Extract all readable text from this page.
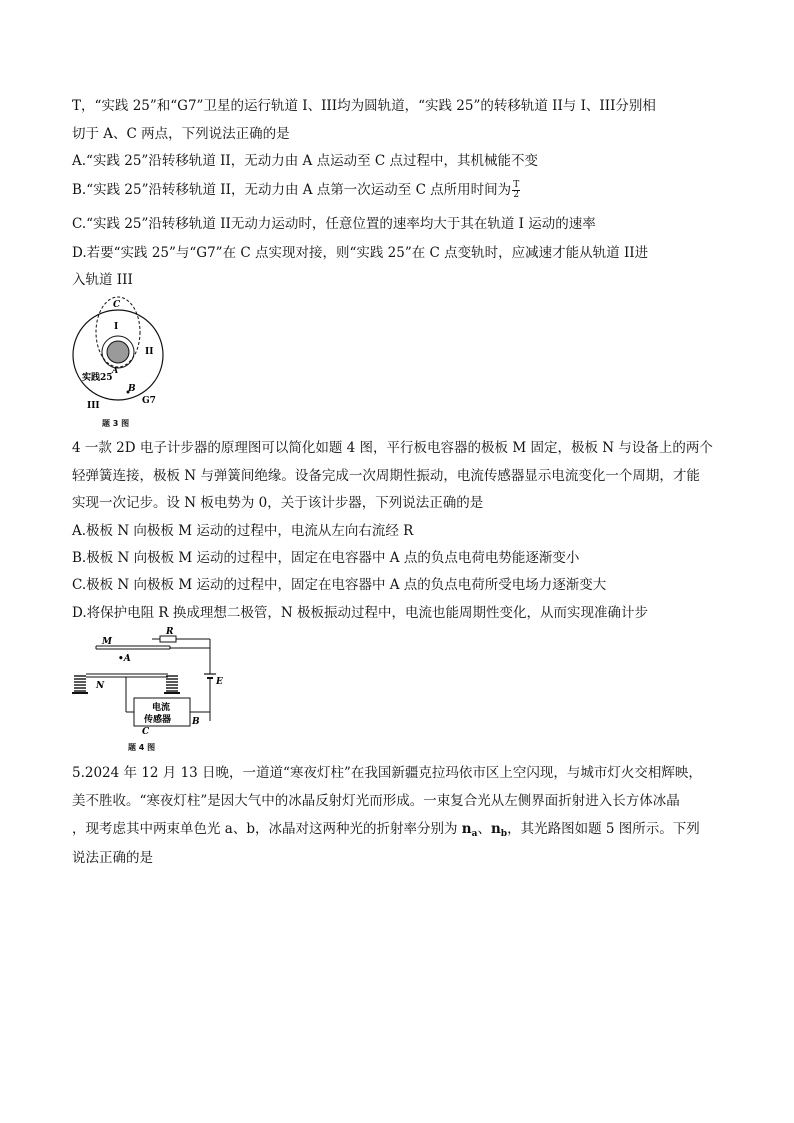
T，“实践 25”和“G7”卫星的运行轨道 I、III均为圆轨道，“实践 25”的转移轨道 II与 I、III分别相
切于 A、C 两点，下列说法正确的是
A.“实践 25”沿转移轨道 II，无动力由 A 点运动至 C 点过程中，其机械能不变
B.“实践 25”沿转移轨道 II，无动力由 A 点第一次运动至 C 点所用时间为 $\frac{T}{2}$
C.“实践 25”沿转移轨道 II无动力运动时，任意位置的速率均大于其在轨道 I 运动的速率
D.若要“实践 25”与“G7”在 C 点实现对接，则“实践 25”在 C 点变轨时，应减速才能从轨道 II进
入轨道 III
C
I
II
A
实践25
B
III	G7
题 3 图
4 一款 2D 电子计步器的原理图可以简化如题 4 图，平行板电容器的极板 M 固定，极板 N 与设备上的两个
轻弹簧连接，极板 N 与弹簧间绝缘。设备完成一次周期性振动，电流传感器显示电流变化一个周期，才能
实现一次记步。设 N 板电势为 0，关于该计步器，下列说法正确的是
A.极板 N 向极板 M 运动的过程中，电流从左向右流经 R
B.极板 N 向极板 M 运动的过程中，固定在电容器中 A 点的负点电荷电势能逐渐变小
C.极板 N 向极板 M 运动的过程中，固定在电容器中 A 点的负点电荷所受电场力逐渐变大
D.将保护电阻 R 换成理想二极管，N 极板振动过程中，电流也能周期性变化，从而实现准确计步
M
•A
R
E
N
电流
传感器
C
B
题 4 图
5.2024 年 12 月 13 日晚，一道道“寒夜灯柱”在我国新疆克拉玛依市区上空闪现，与城市灯火交相辉映，
美不胜收。“寒夜灯柱”是因大气中的冰晶反射灯光而形成。一束复合光从左侧界面折射进入长方体冰晶
，现考虑其中两束单色光 a、b，冰晶对这两种光的折射率分别为 $n_a$、$n_b$，其光路图如题 5 图所示。下列
说法正确的是
